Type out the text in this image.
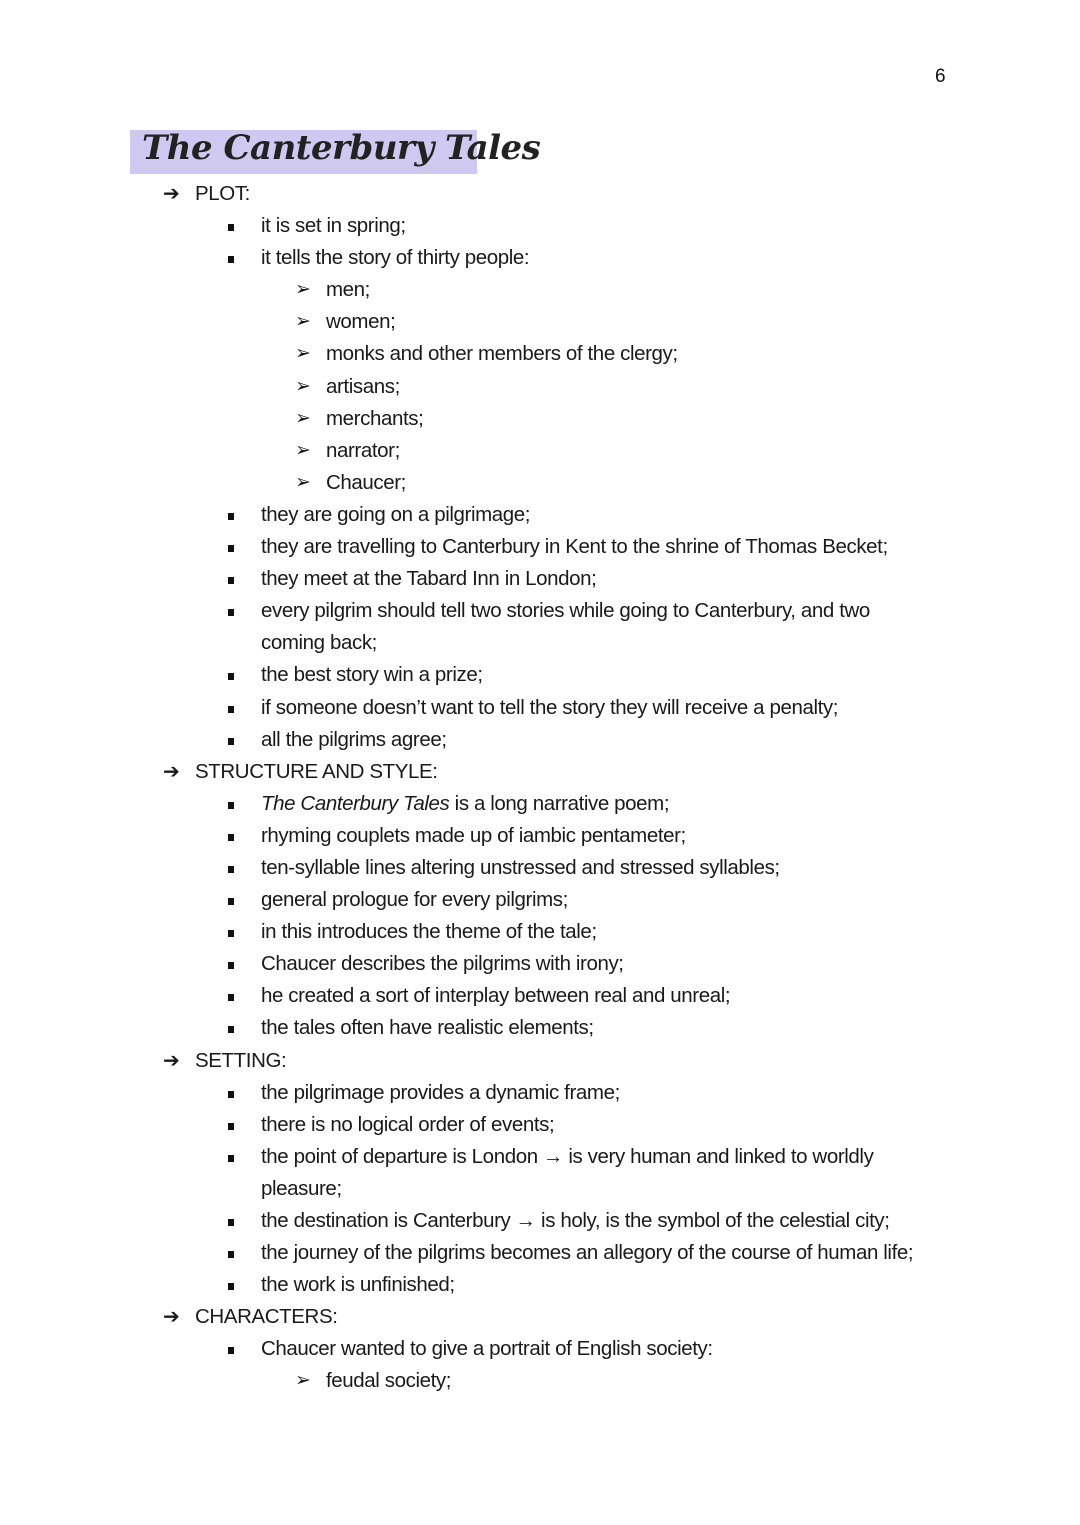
6
The Canterbury Tales
➔ PLOT:
it is set in spring;
it tells the story of thirty people:
➢ men;
➢ women;
➢ monks and other members of the clergy;
➢ artisans;
➢ merchants;
➢ narrator;
➢ Chaucer;
they are going on a pilgrimage;
they are travelling to Canterbury in Kent to the shrine of Thomas Becket;
they meet at the Tabard Inn in London;
every pilgrim should tell two stories while going to Canterbury, and two
coming back;
the best story win a prize;
if someone doesn’t want to tell the story they will receive a penalty;
all the pilgrims agree;
➔ STRUCTURE AND STYLE:
The Canterbury Tales is a long narrative poem;
rhyming couplets made up of iambic pentameter;
ten-syllable lines altering unstressed and stressed syllables;
general prologue for every pilgrims;
in this introduces the theme of the tale;
Chaucer describes the pilgrims with irony;
he created a sort of interplay between real and unreal;
the tales often have realistic elements;
➔ SETTING:
the pilgrimage provides a dynamic frame;
there is no logical order of events;
the point of departure is London → is very human and linked to worldly
pleasure;
the destination is Canterbury → is holy, is the symbol of the celestial city;
the journey of the pilgrims becomes an allegory of the course of human life;
the work is unfinished;
➔ CHARACTERS:
Chaucer wanted to give a portrait of English society:
➢ feudal society;
